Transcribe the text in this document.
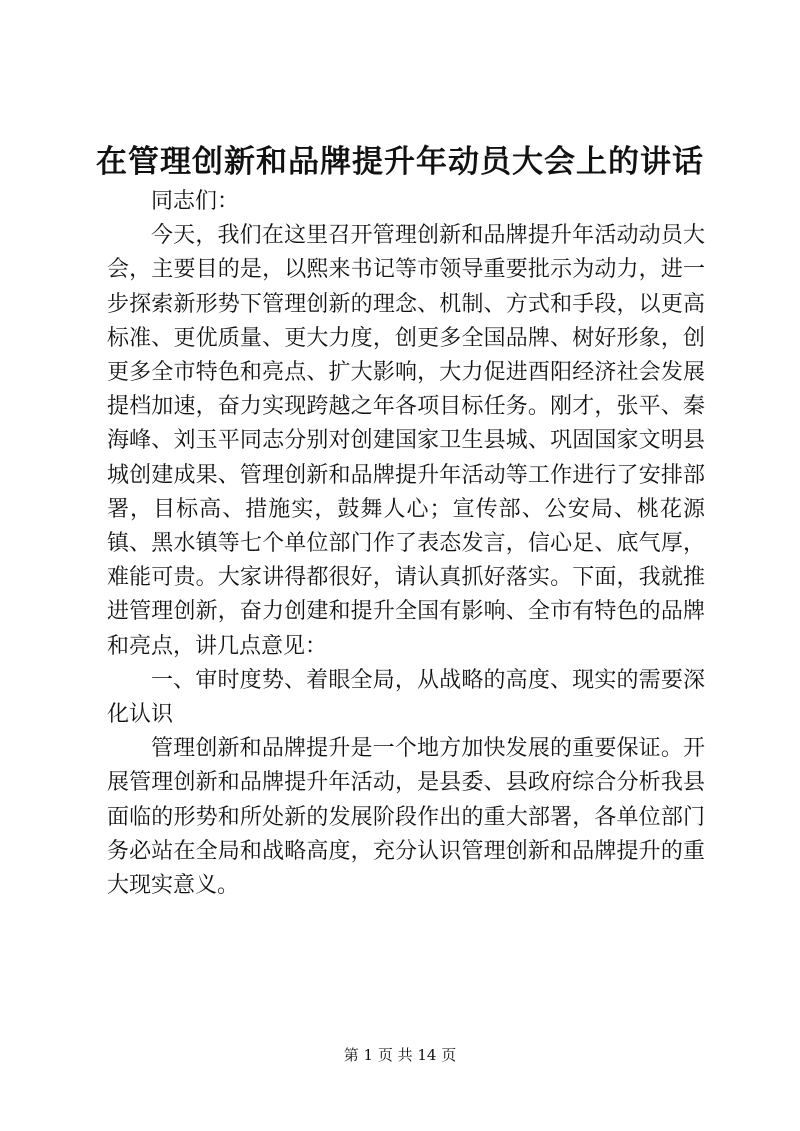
在管理创新和品牌提升年动员大会上的讲话

同志们：

今天，我们在这里召开管理创新和品牌提升年活动动员大会，主要目的是，以熙来书记等市领导重要批示为动力，进一步探索新形势下管理创新的理念、机制、方式和手段，以更高标准、更优质量、更大力度，创更多全国品牌、树好形象，创更多全市特色和亮点、扩大影响，大力促进酉阳经济社会发展提档加速，奋力实现跨越之年各项目标任务。刚才，张平、秦海峰、刘玉平同志分别对创建国家卫生县城、巩固国家文明县城创建成果、管理创新和品牌提升年活动等工作进行了安排部署，目标高、措施实，鼓舞人心；宣传部、公安局、桃花源镇、黑水镇等七个单位部门作了表态发言，信心足、底气厚，难能可贵。大家讲得都很好，请认真抓好落实。下面，我就推进管理创新，奋力创建和提升全国有影响、全市有特色的品牌和亮点，讲几点意见：

一、审时度势、着眼全局，从战略的高度、现实的需要深化认识

管理创新和品牌提升是一个地方加快发展的重要保证。开展管理创新和品牌提升年活动，是县委、县政府综合分析我县面临的形势和所处新的发展阶段作出的重大部署，各单位部门务必站在全局和战略高度，充分认识管理创新和品牌提升的重大现实意义。

第 1 页 共 14 页
